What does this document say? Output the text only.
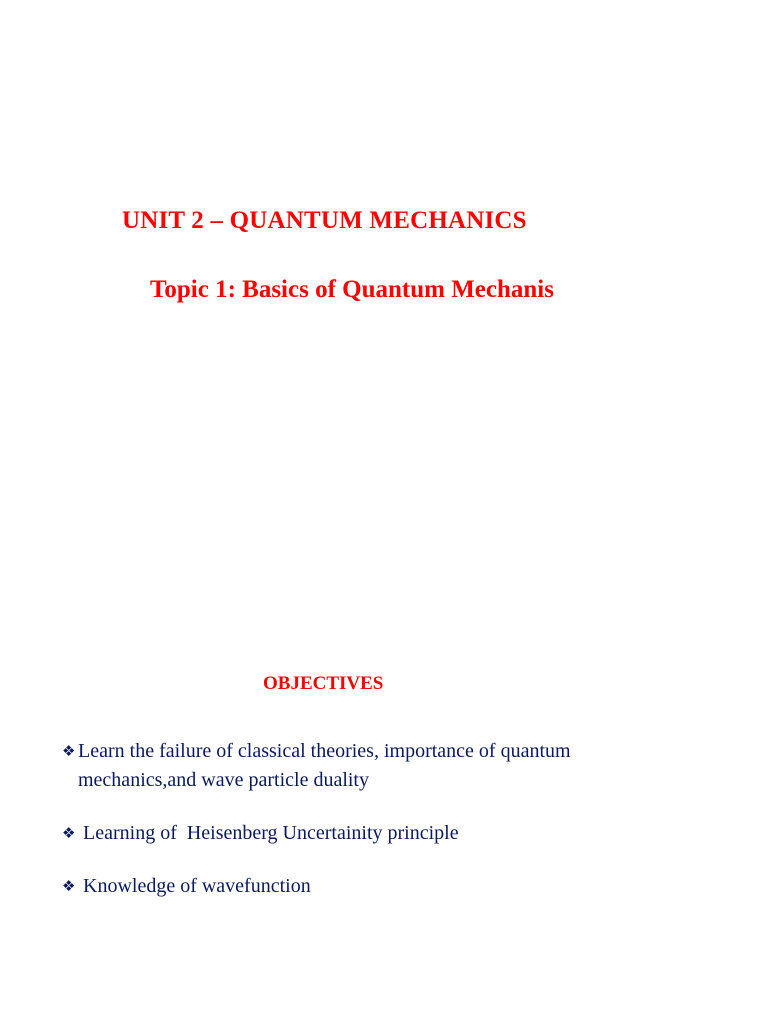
UNIT 2 – QUANTUM MECHANICS
Topic 1: Basics of Quantum Mechanis
OBJECTIVES
❖ Learn the failure of classical theories, importance of quantum
mechanics,and wave particle duality
❖ Learning of  Heisenberg Uncertainity principle
❖ Knowledge of wavefunction
